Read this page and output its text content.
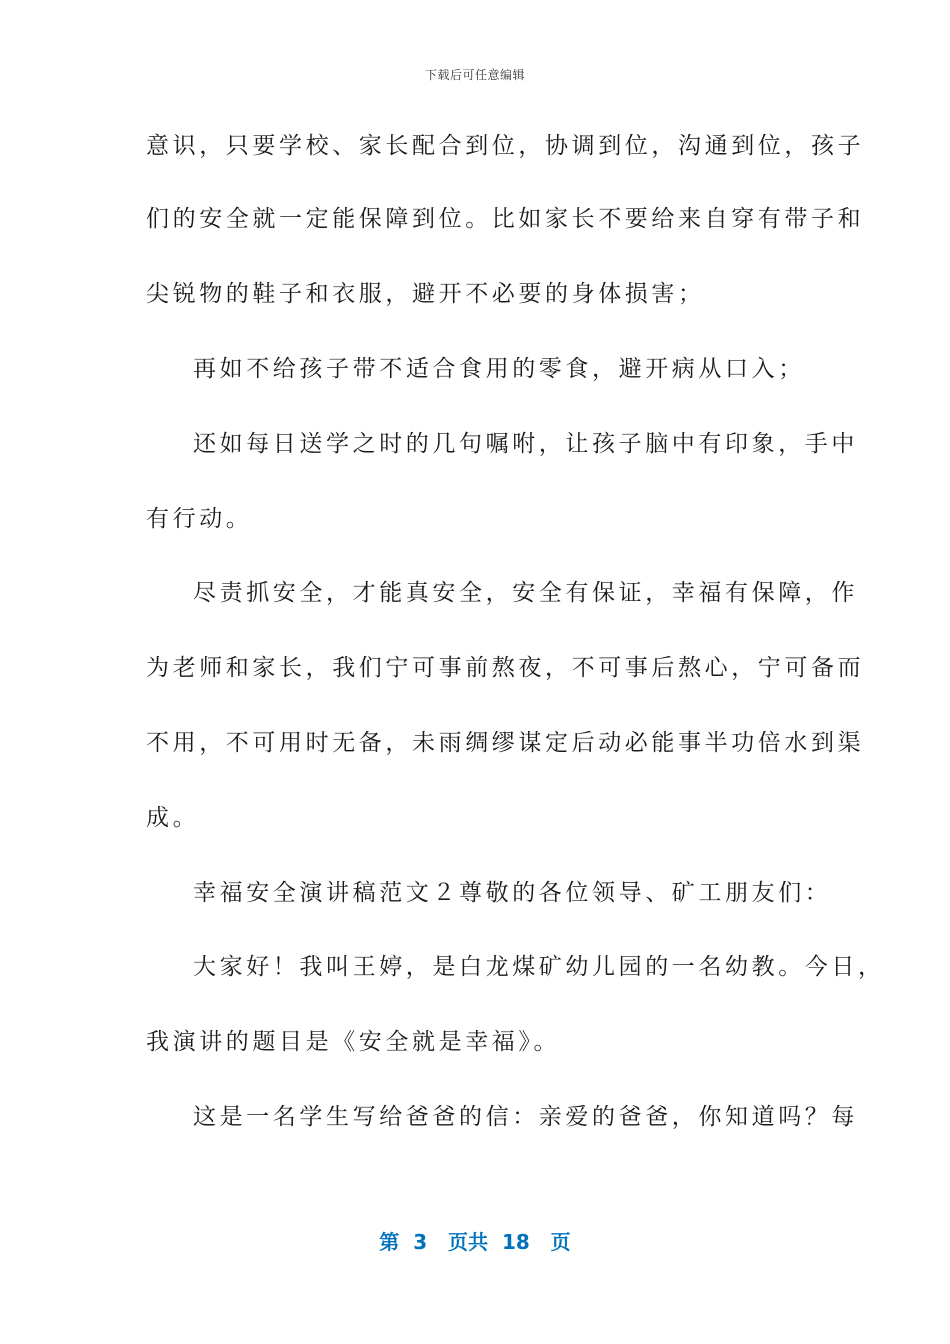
下载后可任意编辑
意识，只要学校、家长配合到位，协调到位，沟通到位，孩子
们的安全就一定能保障到位。比如家长不要给来自穿有带子和
尖锐物的鞋子和衣服，避开不必要的身体损害；
再如不给孩子带不适合食用的零食，避开病从口入；
还如每日送学之时的几句嘱咐，让孩子脑中有印象，手中
有行动。
尽责抓安全，才能真安全，安全有保证，幸福有保障，作
为老师和家长，我们宁可事前熬夜，不可事后熬心，宁可备而
不用，不可用时无备，未雨绸缪谋定后动必能事半功倍水到渠
成。
幸福安全演讲稿范文２尊敬的各位领导、矿工朋友们：
大家好！我叫王婷，是白龙煤矿幼儿园的一名幼教。今日，
我演讲的题目是《安全就是幸福》。
这是一名学生写给爸爸的信：亲爱的爸爸，你知道吗？每
第  3   页共  18   页
